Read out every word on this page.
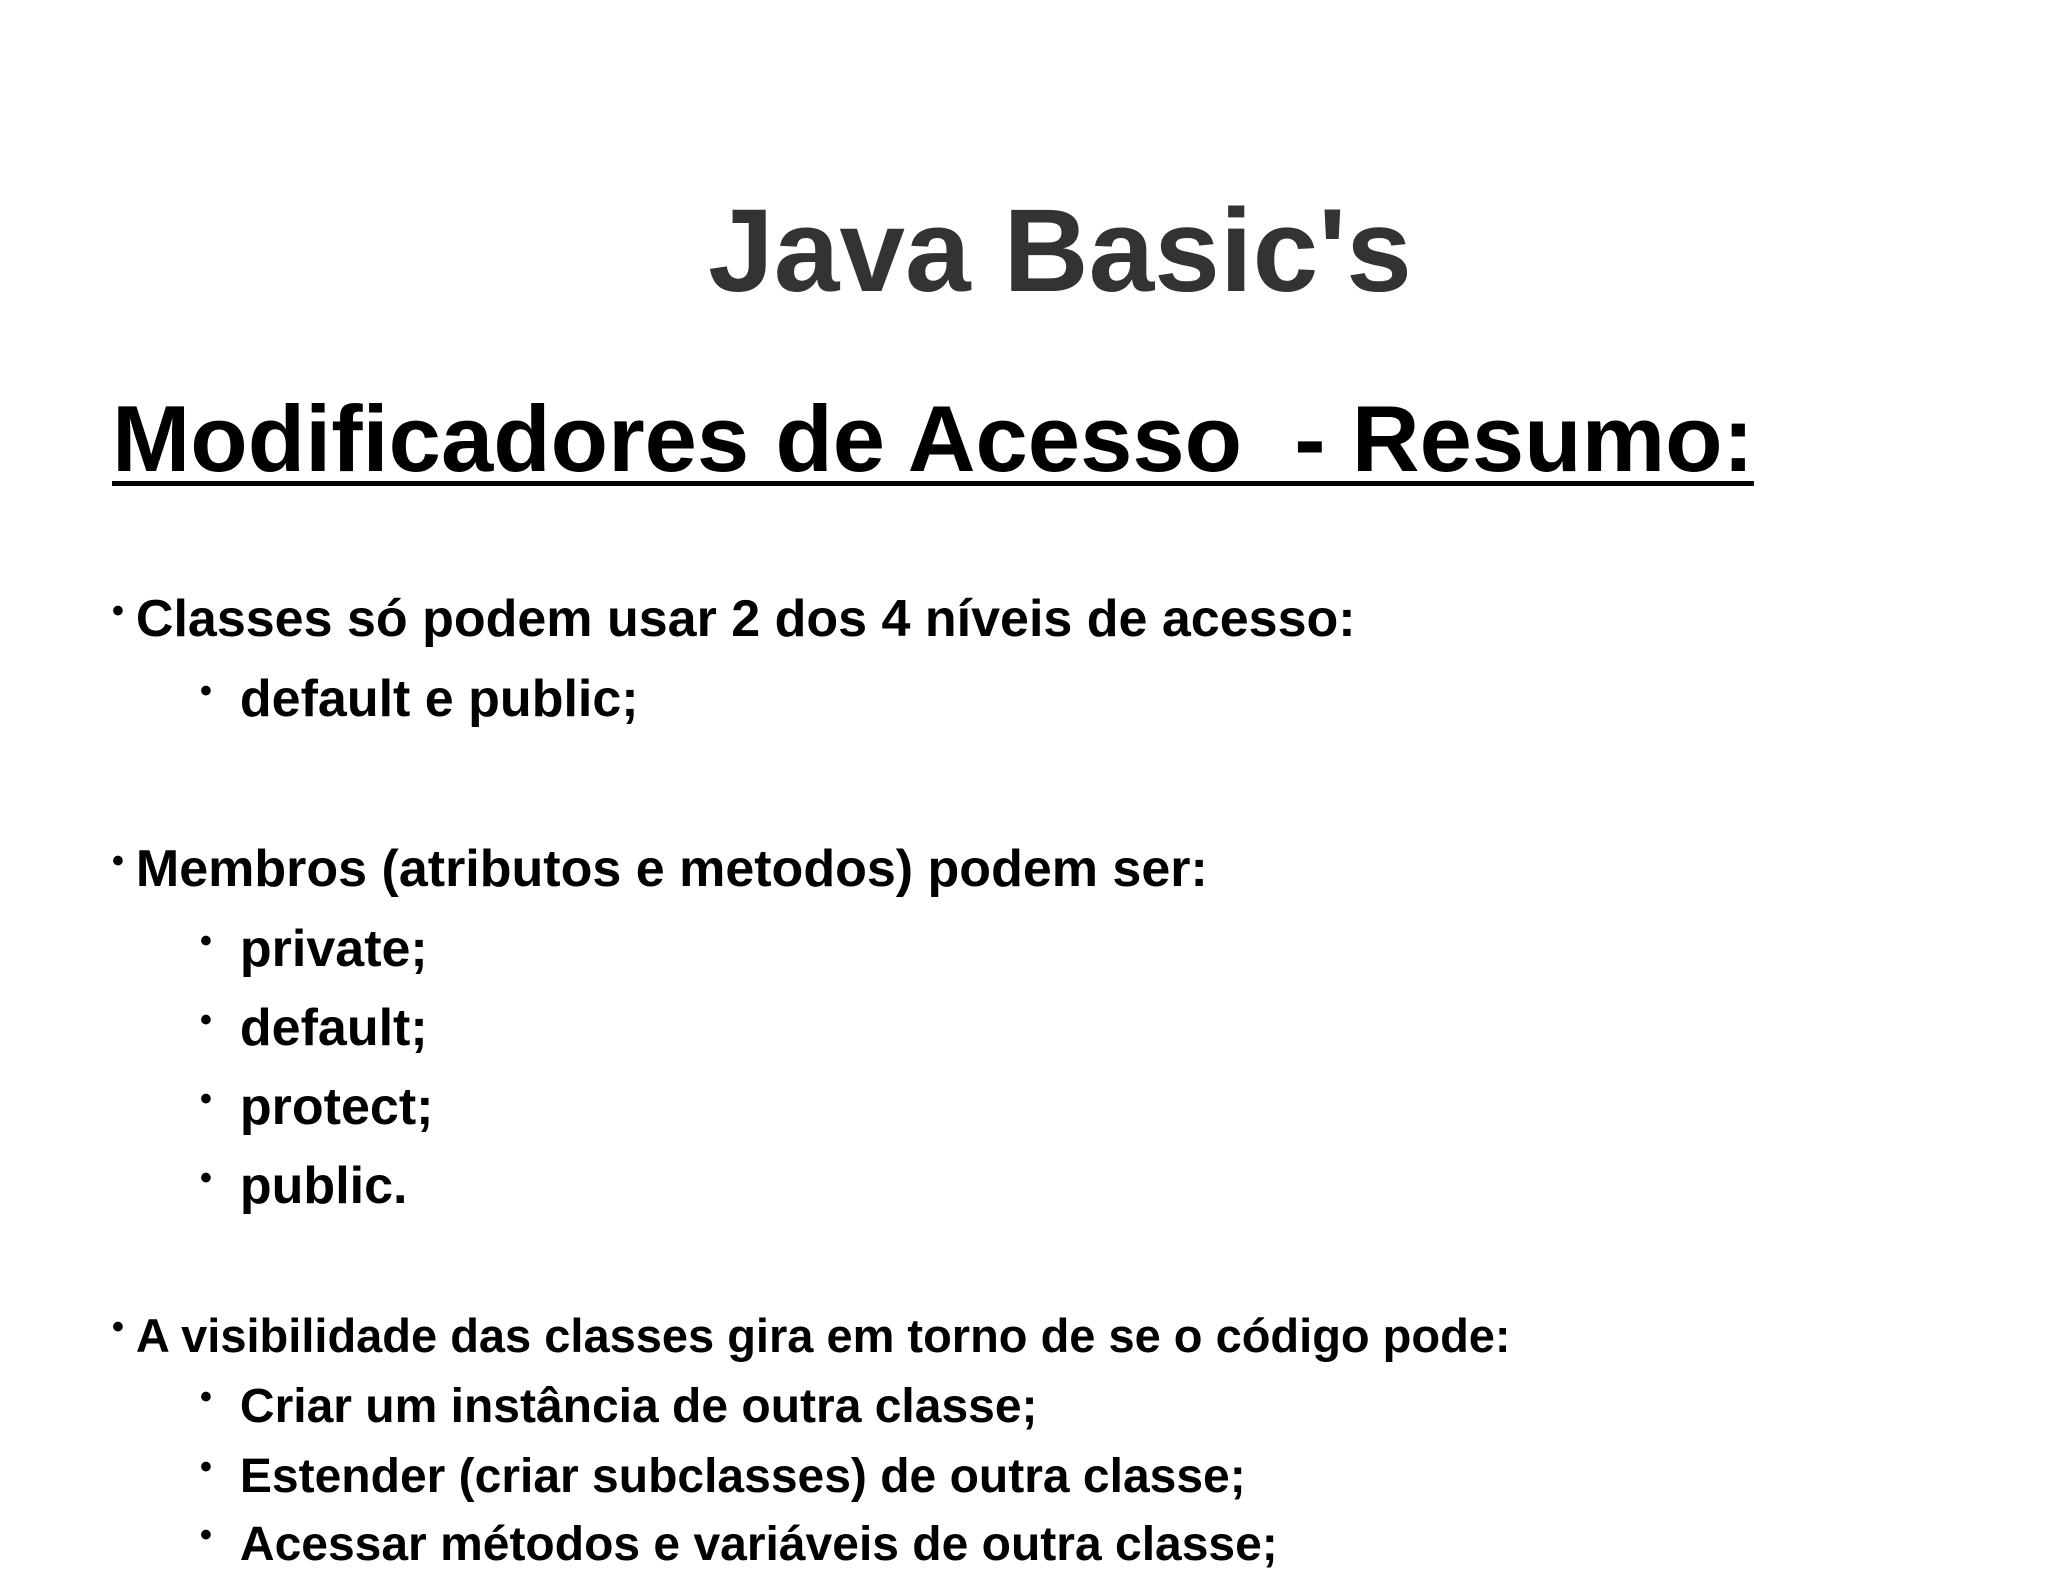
Java Basic's
Modificadores de Acesso  - Resumo:
• Classes só podem usar 2 dos 4 níveis de acesso:
• default e public;
• Membros (atributos e metodos) podem ser:
• private;
• default;
• protect;
• public.
• A visibilidade das classes gira em torno de se o código pode:
• Criar um instância de outra classe;
• Estender (criar subclasses) de outra classe;
• Acessar métodos e variáveis de outra classe;
